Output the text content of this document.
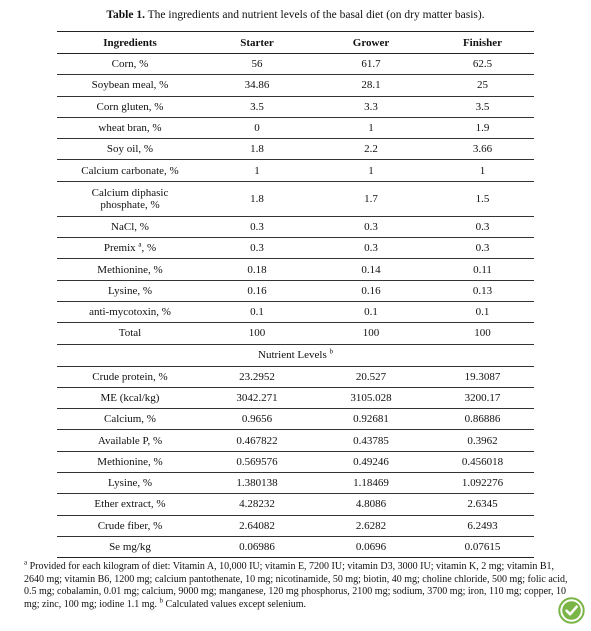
Table 1. The ingredients and nutrient levels of the basal diet (on dry matter basis).
Ingredients	Starter	Grower	Finisher
Corn, %	56	61.7	62.5
Soybean meal, %	34.86	28.1	25
Corn gluten, %	3.5	3.3	3.5
wheat bran, %	0	1	1.9
Soy oil, %	1.8	2.2	3.66
Calcium carbonate, %	1	1	1
Calcium diphasic
phosphate, %	1.8	1.7	1.5
NaCl, %	0.3	0.3	0.3
Premix $^a$, %	0.3	0.3	0.3
Methionine, %	0.18	0.14	0.11
Lysine, %	0.16	0.16	0.13
anti-mycotoxin, %	0.1	0.1	0.1
Total	100	100	100
Nutrient Levels $^b$
Crude protein, %	23.2952	20.527	19.3087
ME (kcal/kg)	3042.271	3105.028	3200.17
Calcium, %	0.9656	0.92681	0.86886
Available P, %	0.467822	0.43785	0.3962
Methionine, %	0.569576	0.49246	0.456018
Lysine, %	1.380138	1.18469	1.092276
Ether extract, %	4.28232	4.8086	2.6345
Crude fiber, %	2.64082	2.6282	6.2493
Se mg/kg	0.06986	0.0696	0.07615
$^a$ Provided for each kilogram of diet: Vitamin A, 10,000 IU; vitamin E, 7200 IU; vitamin D3, 3000 IU; vitamin K, 2 mg; vitamin B1, 2640 mg; vitamin B6, 1200 mg; calcium pantothenate, 10 mg; nicotinamide, 50 mg; biotin, 40 mg; choline chloride, 500 mg; folic acid, 0.5 mg; cobalamin, 0.01 mg; calcium, 9000 mg; manganese, 120 mg phosphorus, 2100 mg; sodium, 3700 mg; iron, 110 mg; copper, 10 mg; zinc, 100 mg; iodine 1.1 mg. $^b$ Calculated values except selenium.
